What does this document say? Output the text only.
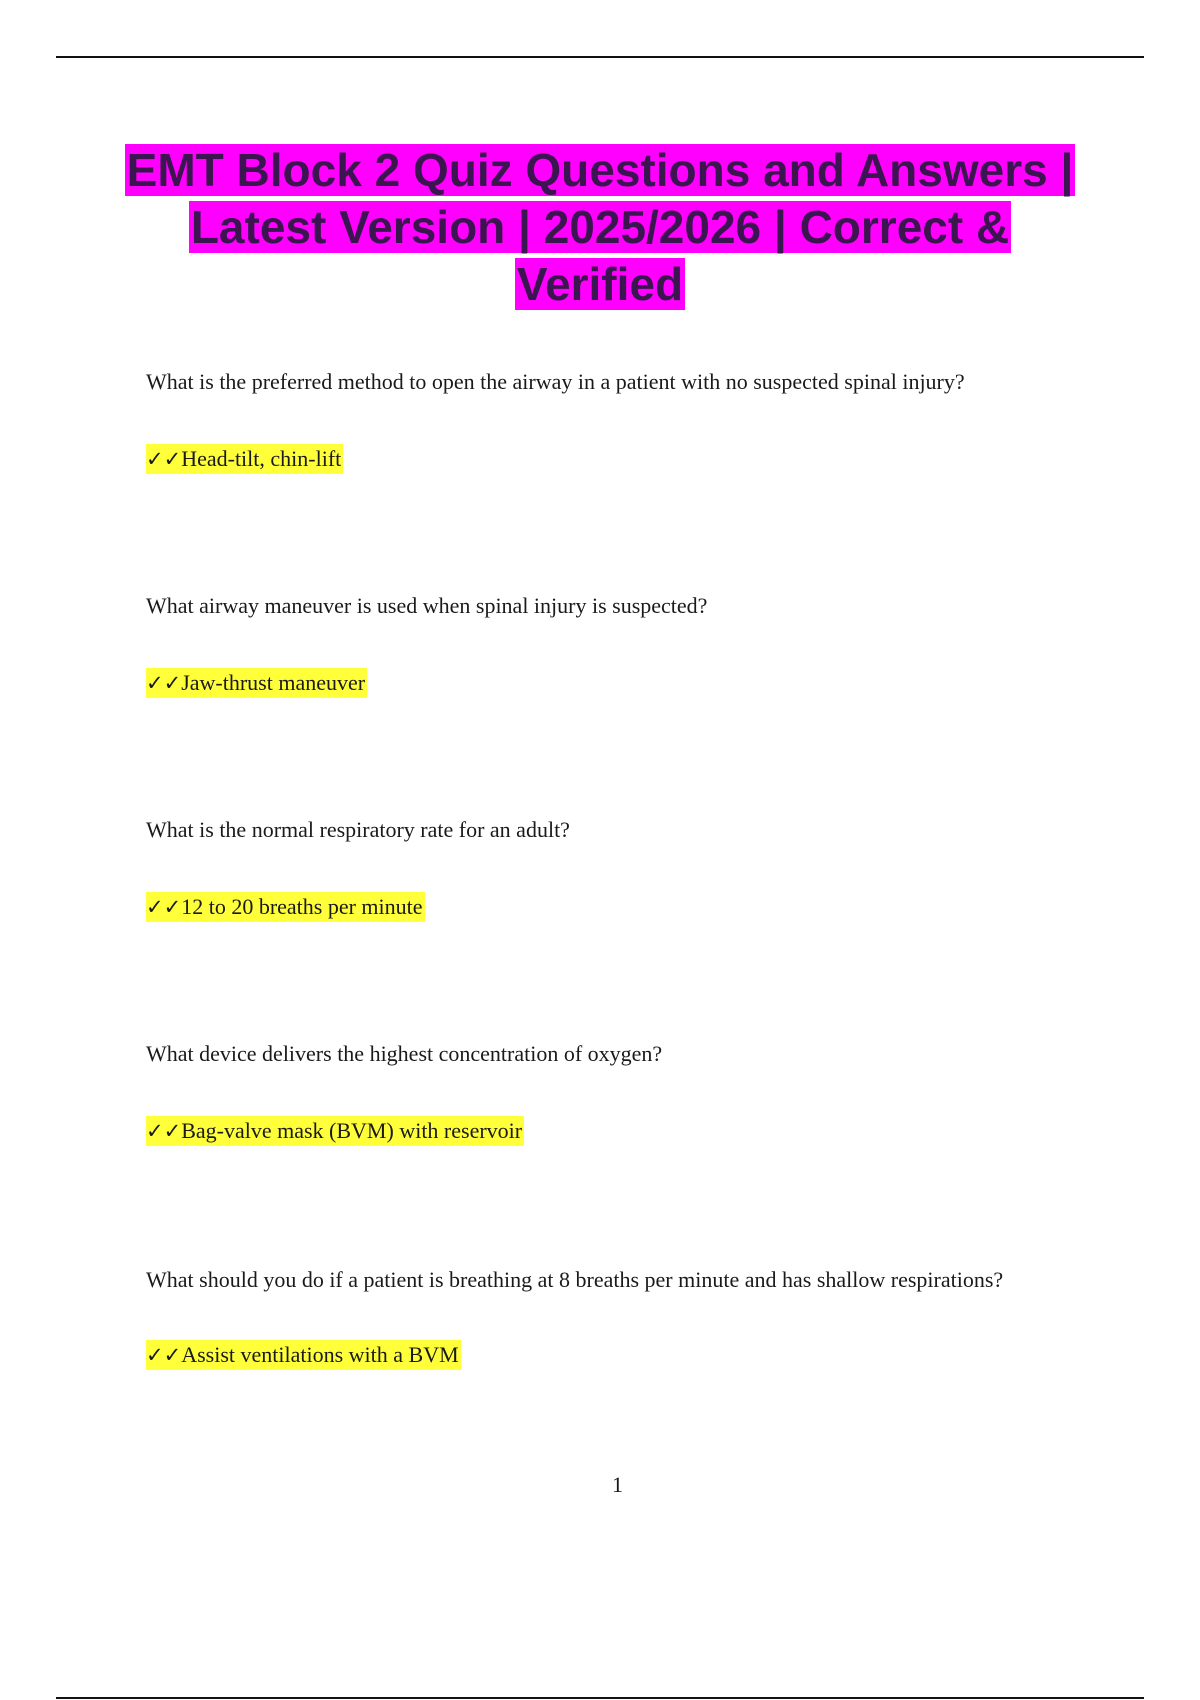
EMT Block 2 Quiz Questions and Answers | Latest Version | 2025/2026 | Correct & Verified
What is the preferred method to open the airway in a patient with no suspected spinal injury?
✓✓Head-tilt, chin-lift
What airway maneuver is used when spinal injury is suspected?
✓✓Jaw-thrust maneuver
What is the normal respiratory rate for an adult?
✓✓12 to 20 breaths per minute
What device delivers the highest concentration of oxygen?
✓✓Bag-valve mask (BVM) with reservoir
What should you do if a patient is breathing at 8 breaths per minute and has shallow respirations?
✓✓Assist ventilations with a BVM
1
